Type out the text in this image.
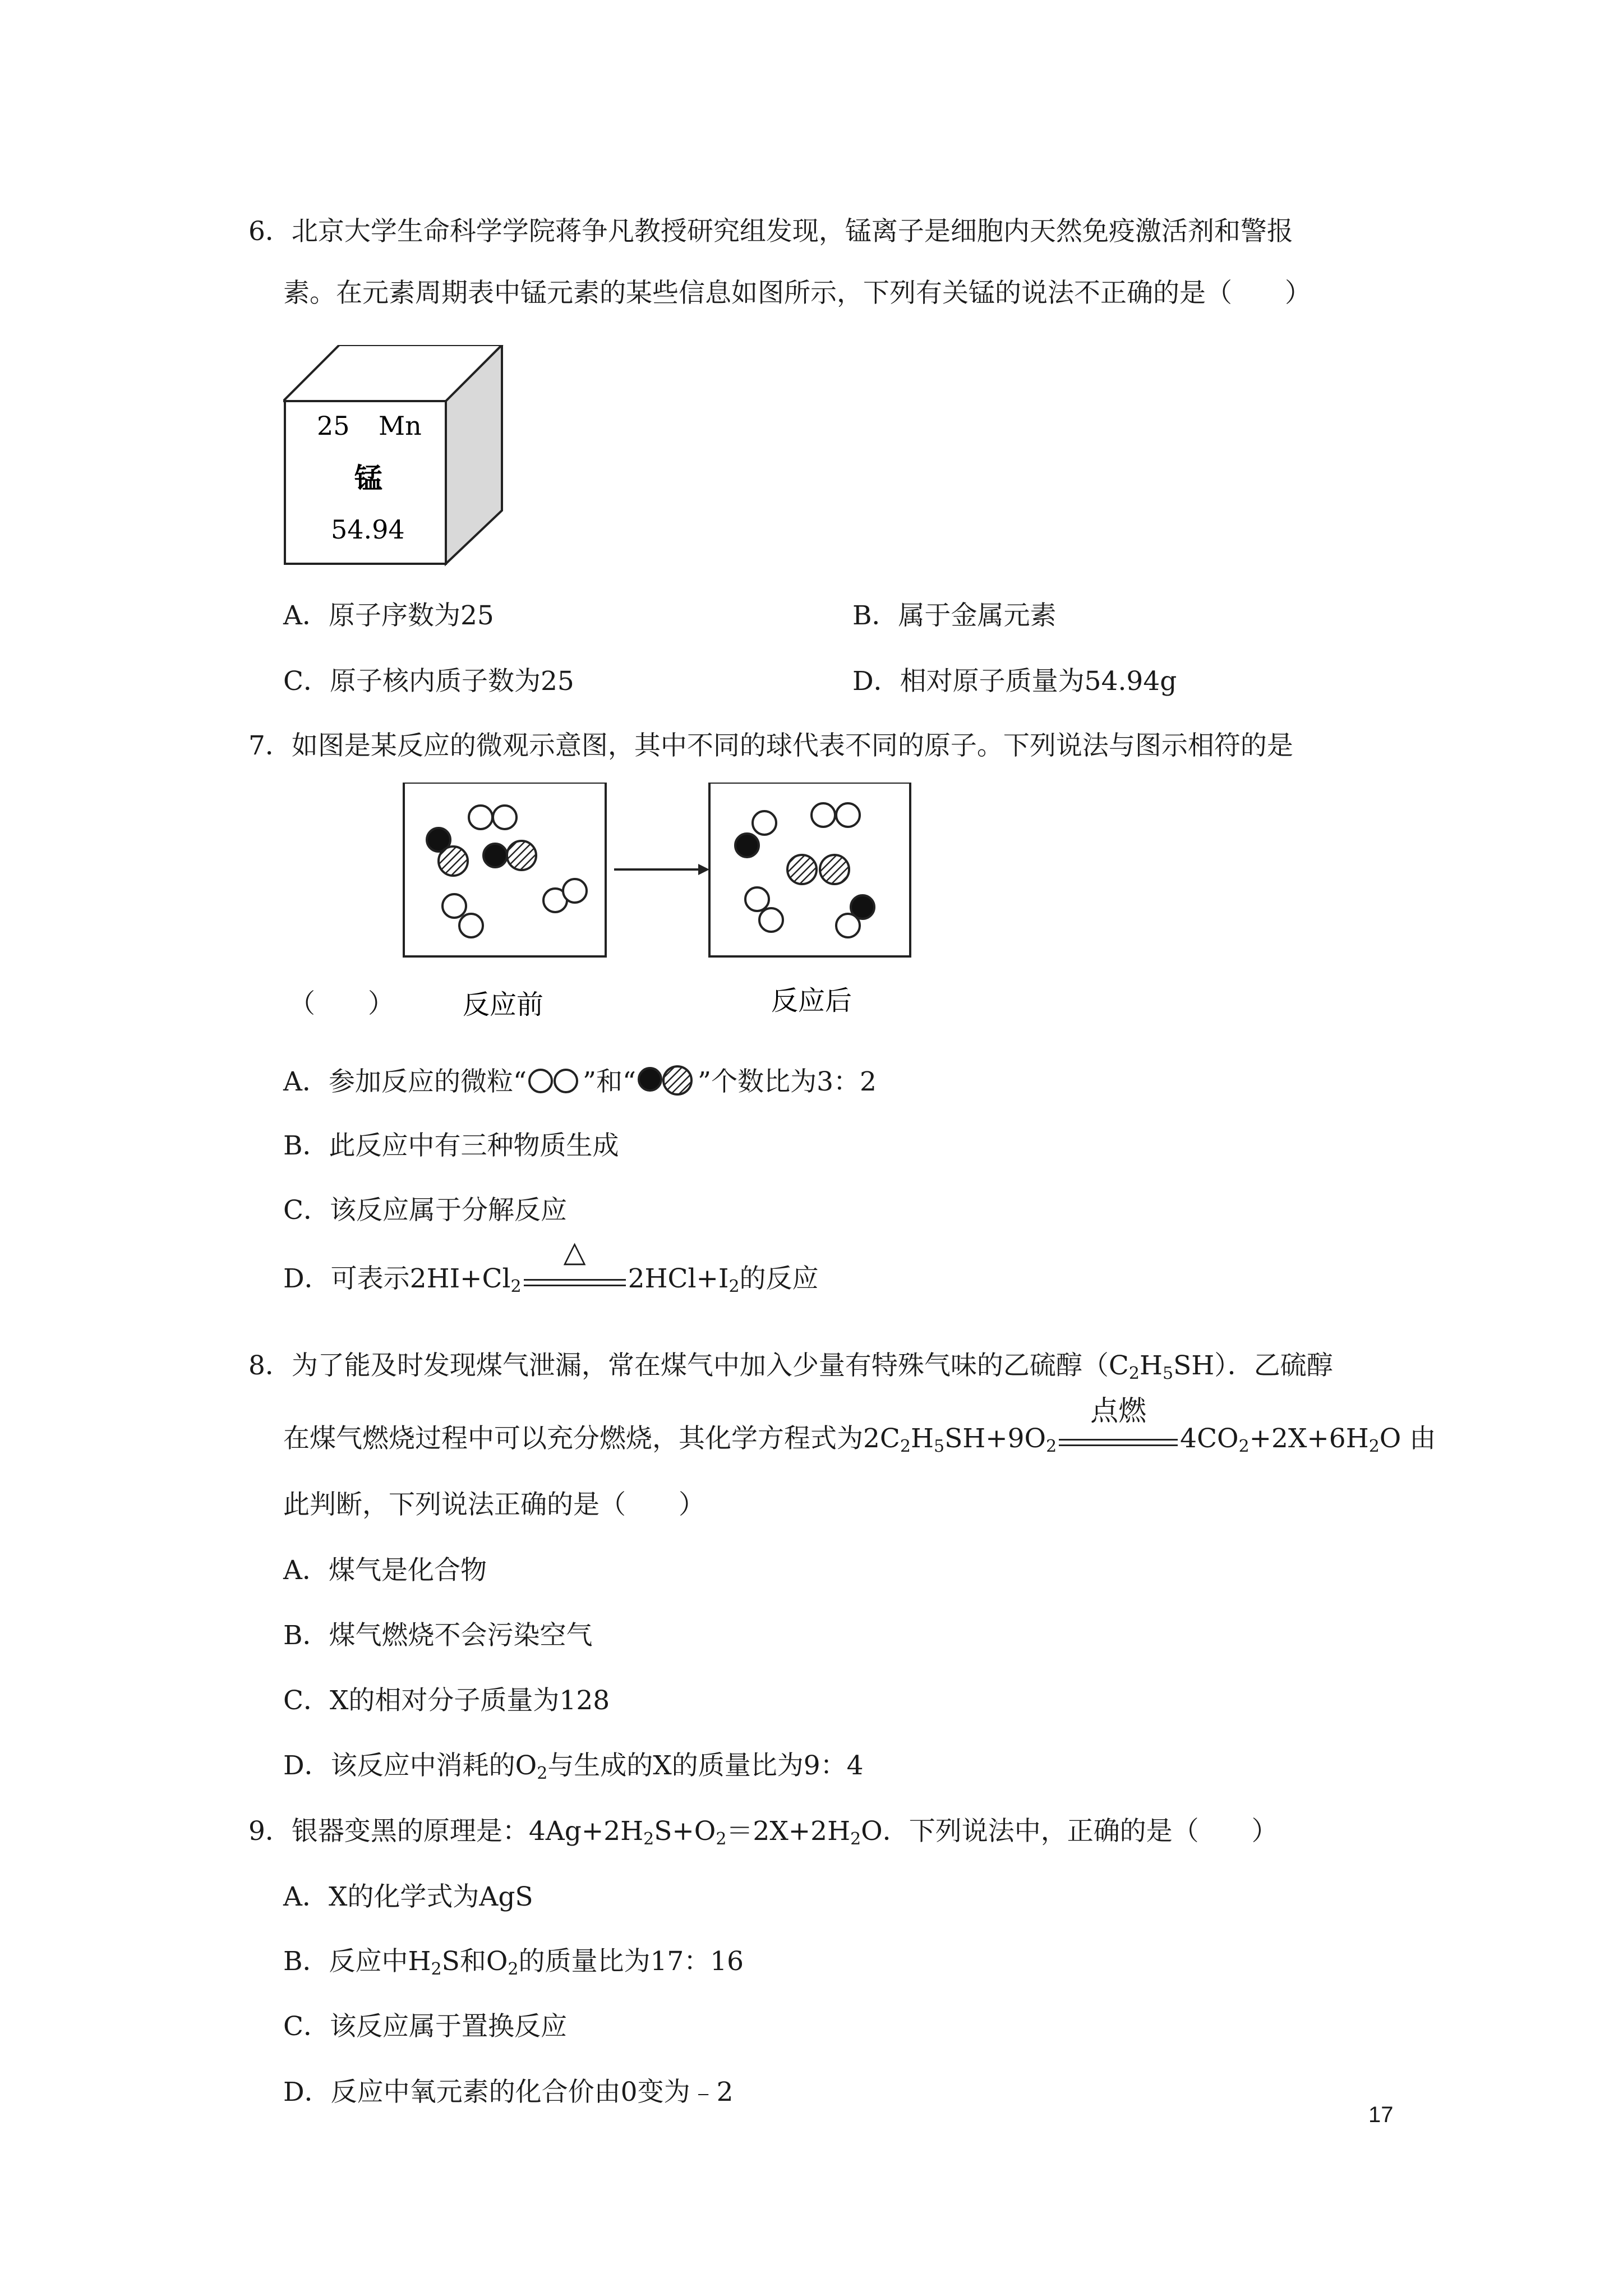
6．北京大学生命科学学院蒋争凡教授研究组发现，锰离子是细胞内天然免疫激活剂和警报
素。在元素周期表中锰元素的某些信息如图所示，下列有关锰的说法不正确的是（　　）
25 Mn
锰
54.94
A．原子序数为25	B．属于金属元素
C．原子核内质子数为25	D．相对原子质量为54.94g
7．如图是某反应的微观示意图，其中不同的球代表不同的原子。下列说法与图示相符的是
反应前	反应后
（　　）
A．参加反应的微粒“ ”和“ ”个数比为3：2
B．此反应中有三种物质生成
C．该反应属于分解反应
D．可表示$2HI+Cl_2$
△
$2HCl+I_2$的反应
8．为了能及时发现煤气泄漏，常在煤气中加入少量有特殊气味的乙硫醇$(C_2H_5SH)$．乙硫醇
在煤气燃烧过程中可以充分燃烧，其化学方程式为$2C_2H_5SH+9O_2$
点燃
$4CO_2+2X+6H_2O$ 由
此判断，下列说法正确的是（　　）
A．煤气是化合物
B．煤气燃烧不会污染空气
C．X的相对分子质量为128
D．该反应中消耗的$O_2$与生成的X的质量比为9：4
9．银器变黑的原理是：$4Ag+2H_2S+O_2=2X+2H_2O$．下列说法中，正确的是（　　）
A．X的化学式为AgS
B．反应中$H_2S$和$O_2$的质量比为17：16
C．该反应属于置换反应
D．反应中氧元素的化合价由0变为﹣2
17
